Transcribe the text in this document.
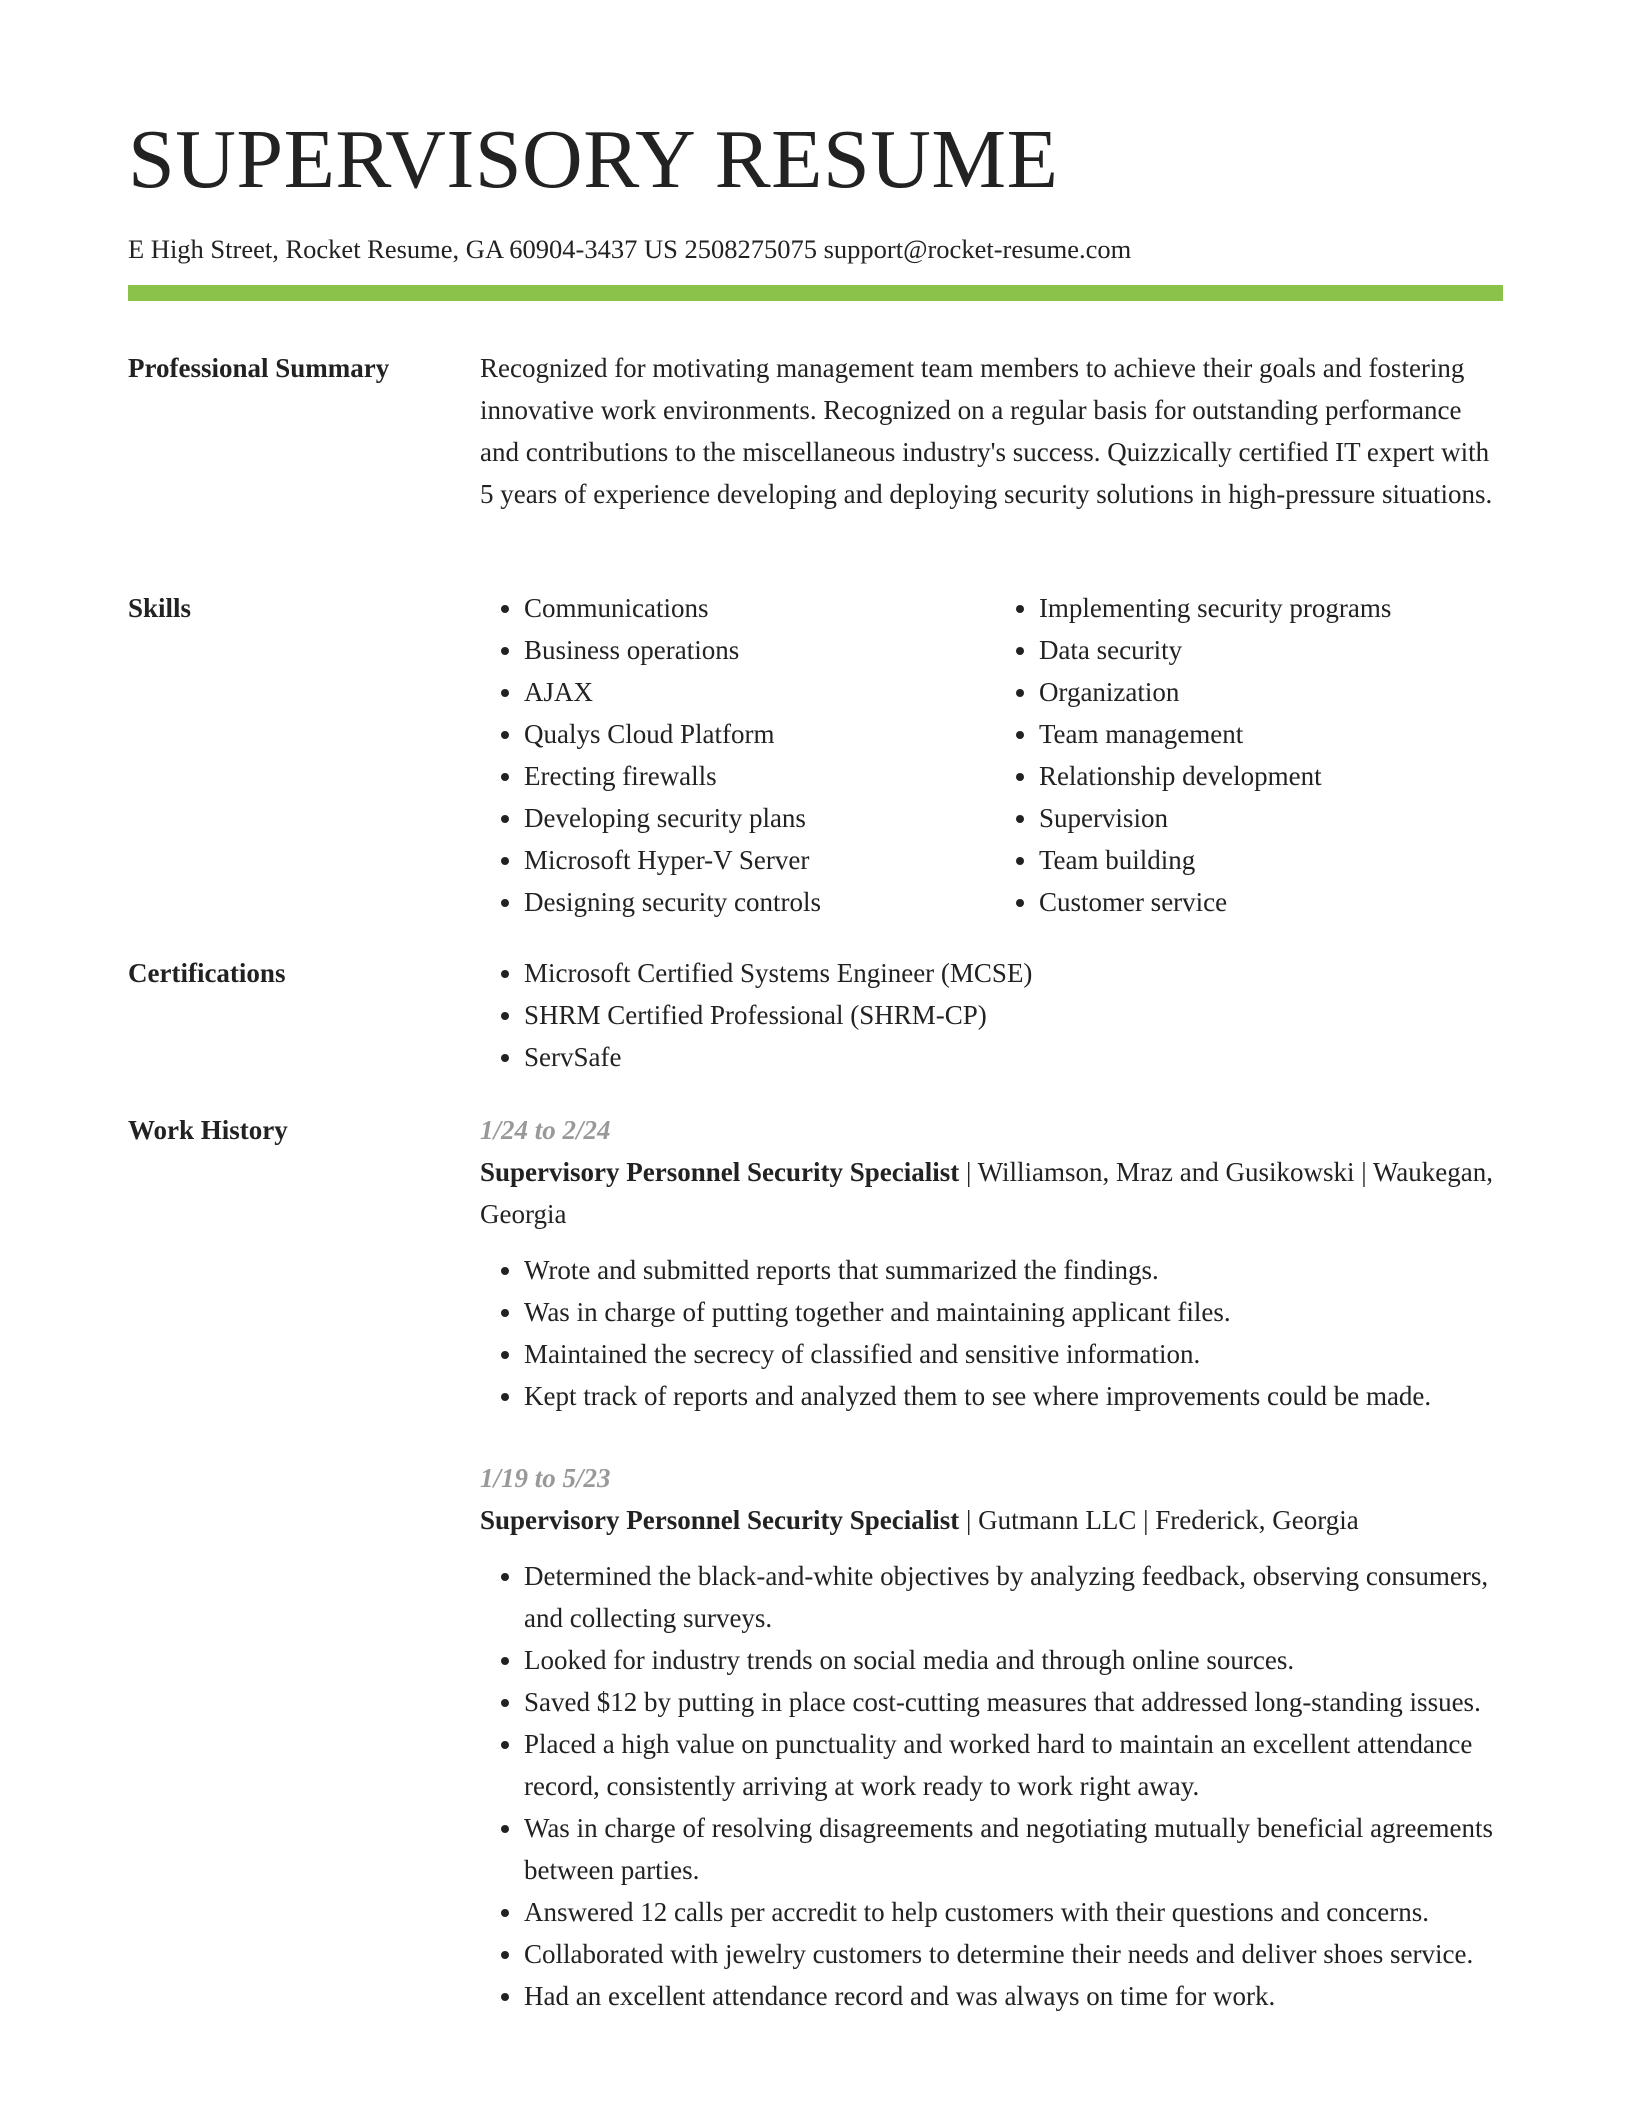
SUPERVISORY RESUME
E High Street, Rocket Resume, GA 60904-3437 US 2508275075 support@rocket-resume.com
Professional Summary	Recognized for motivating management team members to achieve their goals and fostering innovative work environments. Recognized on a regular basis for outstanding performance and contributions to the miscellaneous industry's success. Quizzically certified IT expert with 5 years of experience developing and deploying security solutions in high-pressure situations.

Skills	• Communications
• Business operations
• AJAX
• Qualys Cloud Platform
• Erecting firewalls
• Developing security plans
• Microsoft Hyper-V Server
• Designing security controls
• Implementing security programs
• Data security
• Organization
• Team management
• Relationship development
• Supervision
• Team building
• Customer service
Certifications	• Microsoft Certified Systems Engineer (MCSE)
• SHRM Certified Professional (SHRM-CP)
• ServSafe
Work History	1/24 to 2/24
Supervisory Personnel Security Specialist | Williamson, Mraz and Gusikowski | Waukegan, Georgia
• Wrote and submitted reports that summarized the findings.
• Was in charge of putting together and maintaining applicant files.
• Maintained the secrecy of classified and sensitive information.
• Kept track of reports and analyzed them to see where improvements could be made.
1/19 to 5/23
Supervisory Personnel Security Specialist | Gutmann LLC | Frederick, Georgia
• Determined the black-and-white objectives by analyzing feedback, observing consumers, and collecting surveys.
• Looked for industry trends on social media and through online sources.
• Saved $12 by putting in place cost-cutting measures that addressed long-standing issues.
• Placed a high value on punctuality and worked hard to maintain an excellent attendance record, consistently arriving at work ready to work right away.
• Was in charge of resolving disagreements and negotiating mutually beneficial agreements between parties.
• Answered 12 calls per accredit to help customers with their questions and concerns.
• Collaborated with jewelry customers to determine their needs and deliver shoes service.
• Had an excellent attendance record and was always on time for work.
